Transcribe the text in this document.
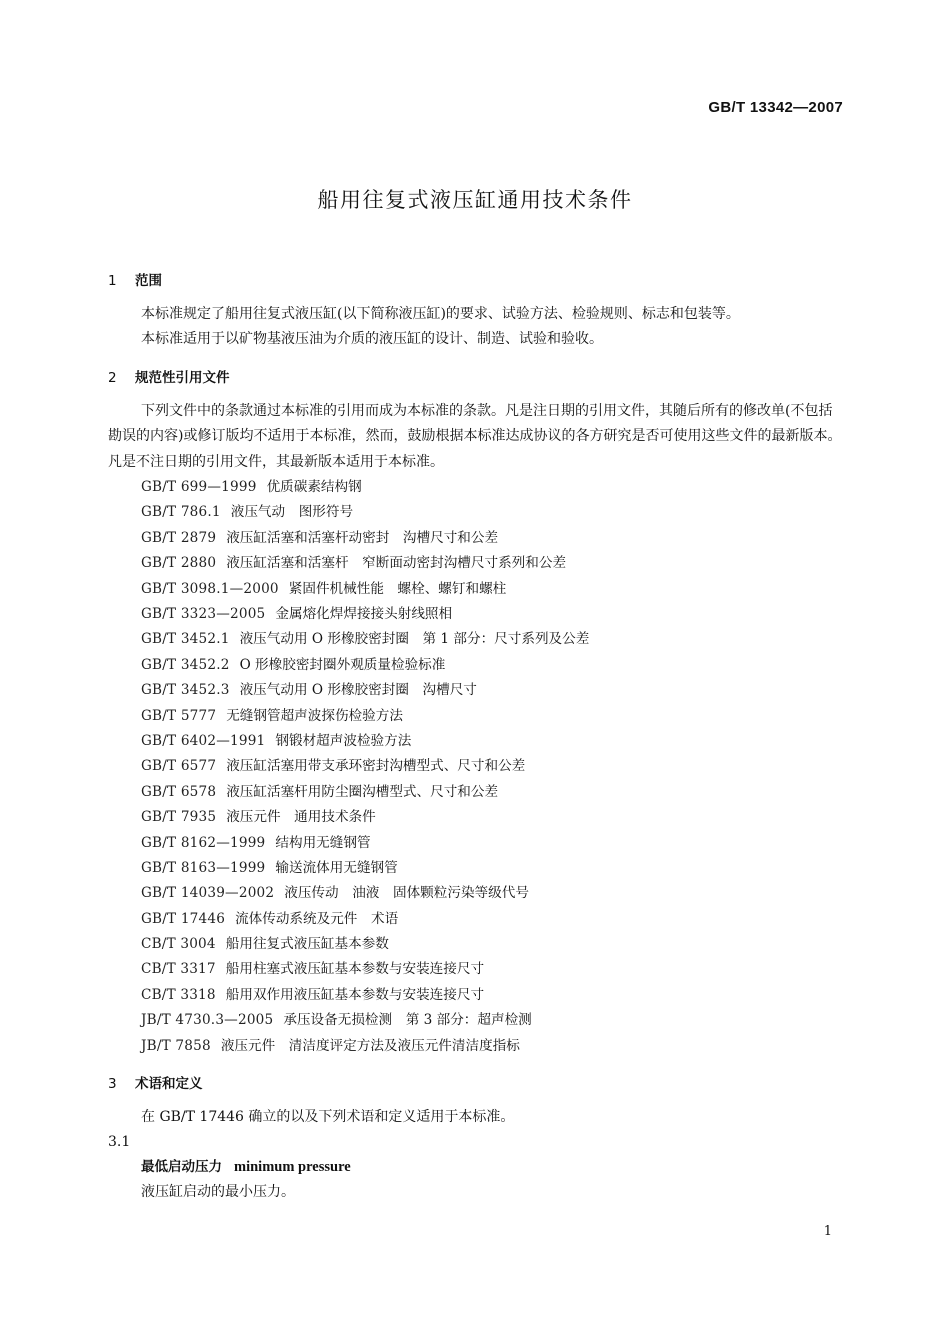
GB/T 13342—2007
船用往复式液压缸通用技术条件
1 范围

本标准规定了船用往复式液压缸(以下简称液压缸)的要求、试验方法、检验规则、标志和包装等。

本标准适用于以矿物基液压油为介质的液压缸的设计、制造、试验和验收。

2 规范性引用文件

下列文件中的条款通过本标准的引用而成为本标准的条款。凡是注日期的引用文件，其随后所有的修改单(不包括勘误的内容)或修订版均不适用于本标准，然而，鼓励根据本标准达成协议的各方研究是否可使用这些文件的最新版本。凡是不注日期的引用文件，其最新版本适用于本标准。

GB/T 699—1999 优质碳素结构钢
GB/T 786.1 液压气动　图形符号
GB/T 2879 液压缸活塞和活塞杆动密封　沟槽尺寸和公差
GB/T 2880 液压缸活塞和活塞杆　窄断面动密封沟槽尺寸系列和公差
GB/T 3098.1—2000 紧固件机械性能　螺栓、螺钉和螺柱
GB/T 3323—2005 金属熔化焊焊接接头射线照相
GB/T 3452.1 液压气动用 O 形橡胶密封圈　第 1 部分：尺寸系列及公差
GB/T 3452.2 O 形橡胶密封圈外观质量检验标准
GB/T 3452.3 液压气动用 O 形橡胶密封圈　沟槽尺寸
GB/T 5777 无缝钢管超声波探伤检验方法
GB/T 6402—1991 钢锻材超声波检验方法
GB/T 6577 液压缸活塞用带支承环密封沟槽型式、尺寸和公差
GB/T 6578 液压缸活塞杆用防尘圈沟槽型式、尺寸和公差
GB/T 7935 液压元件　通用技术条件
GB/T 8162—1999 结构用无缝钢管
GB/T 8163—1999 输送流体用无缝钢管
GB/T 14039—2002 液压传动　油液　固体颗粒污染等级代号
GB/T 17446 流体传动系统及元件　术语
CB/T 3004 船用往复式液压缸基本参数
CB/T 3317 船用柱塞式液压缸基本参数与安装连接尺寸
CB/T 3318 船用双作用液压缸基本参数与安装连接尺寸
JB/T 4730.3—2005 承压设备无损检测　第 3 部分：超声检测
JB/T 7858 液压元件　清洁度评定方法及液压元件清洁度指标
3 术语和定义

在 GB/T 17446 确立的以及下列术语和定义适用于本标准。

3.1

最低启动压力 minimum pressure

液压缸启动的最小压力。

1
